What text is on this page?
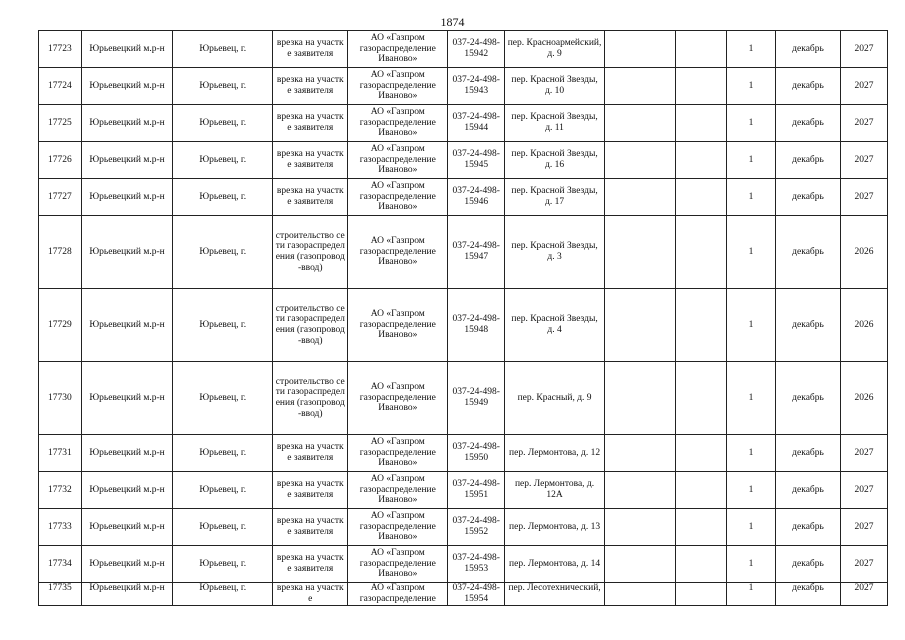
1874
17723	Юрьевецкий м.р-н	Юрьевец, г.	врезка на участке заявителя	АО «Газпром газораспределение Иваново»	037-24-498-15942	пер. Красноармейский, д. 9			1	декабрь	2027
17724	Юрьевецкий м.р-н	Юрьевец, г.	врезка на участке заявителя	АО «Газпром газораспределение Иваново»	037-24-498-15943	пер. Красной Звезды, д. 10			1	декабрь	2027
17725	Юрьевецкий м.р-н	Юрьевец, г.	врезка на участке заявителя	АО «Газпром газораспределение Иваново»	037-24-498-15944	пер. Красной Звезды, д. 11			1	декабрь	2027
17726	Юрьевецкий м.р-н	Юрьевец, г.	врезка на участке заявителя	АО «Газпром газораспределение Иваново»	037-24-498-15945	пер. Красной Звезды, д. 16			1	декабрь	2027
17727	Юрьевецкий м.р-н	Юрьевец, г.	врезка на участке заявителя	АО «Газпром газораспределение Иваново»	037-24-498-15946	пер. Красной Звезды, д. 17			1	декабрь	2027
17728	Юрьевецкий м.р-н	Юрьевец, г.	строительство сети газораспределения (газопровод-ввод)	АО «Газпром газораспределение Иваново»	037-24-498-15947	пер. Красной Звезды, д. 3			1	декабрь	2026
17729	Юрьевецкий м.р-н	Юрьевец, г.	строительство сети газораспределения (газопровод-ввод)	АО «Газпром газораспределение Иваново»	037-24-498-15948	пер. Красной Звезды, д. 4			1	декабрь	2026
17730	Юрьевецкий м.р-н	Юрьевец, г.	строительство сети газораспределения (газопровод-ввод)	АО «Газпром газораспределение Иваново»	037-24-498-15949	пер. Красный, д. 9			1	декабрь	2026
17731	Юрьевецкий м.р-н	Юрьевец, г.	врезка на участке заявителя	АО «Газпром газораспределение Иваново»	037-24-498-15950	пер. Лермонтова, д. 12			1	декабрь	2027
17732	Юрьевецкий м.р-н	Юрьевец, г.	врезка на участке заявителя	АО «Газпром газораспределение Иваново»	037-24-498-15951	пер. Лермонтова, д. 12А			1	декабрь	2027
17733	Юрьевецкий м.р-н	Юрьевец, г.	врезка на участке заявителя	АО «Газпром газораспределение Иваново»	037-24-498-15952	пер. Лермонтова, д. 13			1	декабрь	2027
17734	Юрьевецкий м.р-н	Юрьевец, г.	врезка на участке заявителя	АО «Газпром газораспределение Иваново»	037-24-498-15953	пер. Лермонтова, д. 14			1	декабрь	2027
17735	Юрьевецкий м.р-н	Юрьевец, г.	врезка на участке	АО «Газпром газораспределение	037-24-498-15954	пер. Лесотехнический,			1	декабрь	2027
